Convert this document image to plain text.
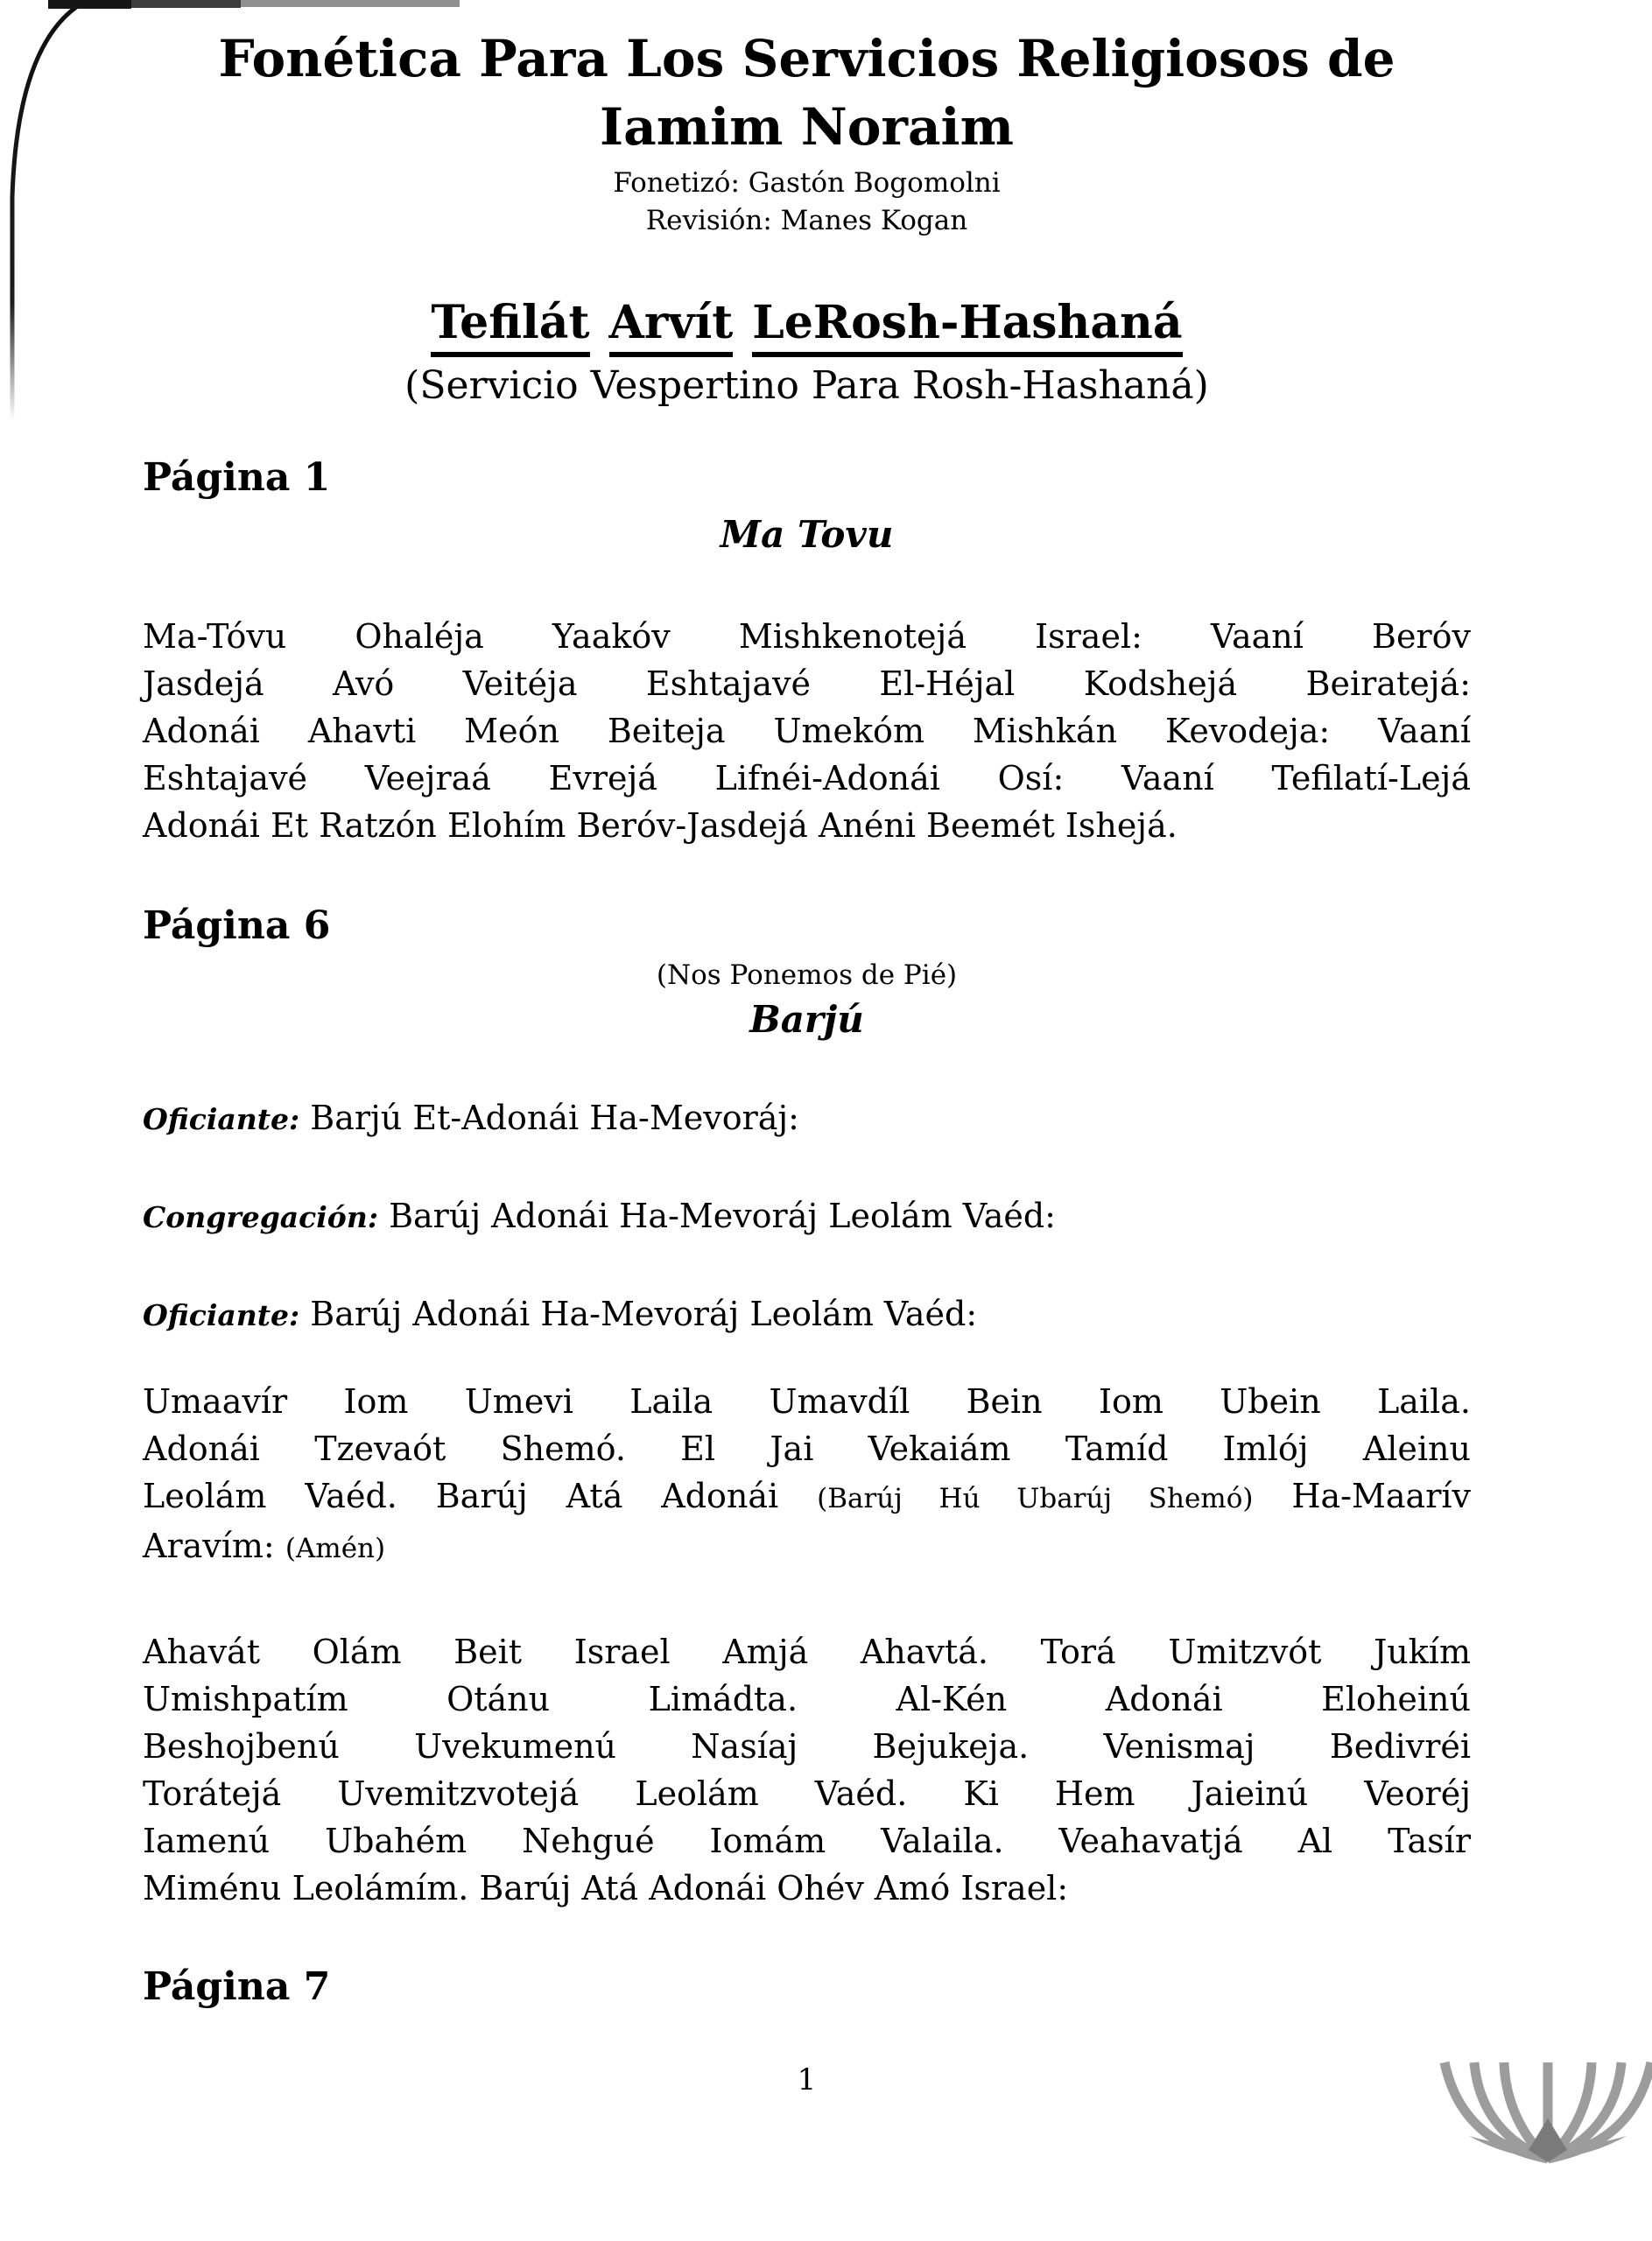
Fonética Para Los Servicios Religiosos de
Iamim Noraim
Fonetizó: Gastón Bogomolni
Revisión: Manes Kogan
Tefilát Arvít LeRosh-Hashaná
(Servicio Vespertino Para Rosh-Hashaná)
Página 1
Ma Tovu
Ma-Tóvu Ohaléja Yaakóv Mishkenotejá Israel: Vaaní Beróv
Jasdejá Avó Veitéja Eshtajavé El-Héjal Kodshejá Beiratejá:
Adonái Ahavti Meón Beiteja Umekóm Mishkán Kevodeja: Vaaní
Eshtajavé Veejraá Evrejá Lifnéi-Adonái Osí: Vaaní Tefilatí-Lejá
Adonái Et Ratzón Elohím Beróv-Jasdejá Anéni Beemét Ishejá.
Página 6
(Nos Ponemos de Pié)
Barjú
Oficiante: Barjú Et-Adonái Ha-Mevoráj:
Congregación: Barúj Adonái Ha-Mevoráj Leolám Vaéd:
Oficiante: Barúj Adonái Ha-Mevoráj Leolám Vaéd:
Umaavír Iom Umevi Laila Umavdíl Bein Iom Ubein Laila.
Adonái Tzevaót Shemó. El Jai Vekaiám Tamíd Imlój Aleinu
Leolám Vaéd. Barúj Atá Adonái (Barúj Hú Ubarúj Shemó) Ha-Maarív
Aravím: (Amén)
Ahavát Olám Beit Israel Amjá Ahavtá. Torá Umitzvót Jukím
Umishpatím Otánu Limádta. Al-Kén Adonái Eloheinú
Beshojbenú Uvekumenú Nasíaj Bejukeja. Venismaj Bedivréi
Torátejá Uvemitzvotejá Leolám Vaéd. Ki Hem Jaieinú Veoréj
Iamenú Ubahém Nehgué Iomám Valaila. Veahavatjá Al Tasír
Miménu Leolámím. Barúj Atá Adonái Ohév Amó Israel:
Página 7
1
